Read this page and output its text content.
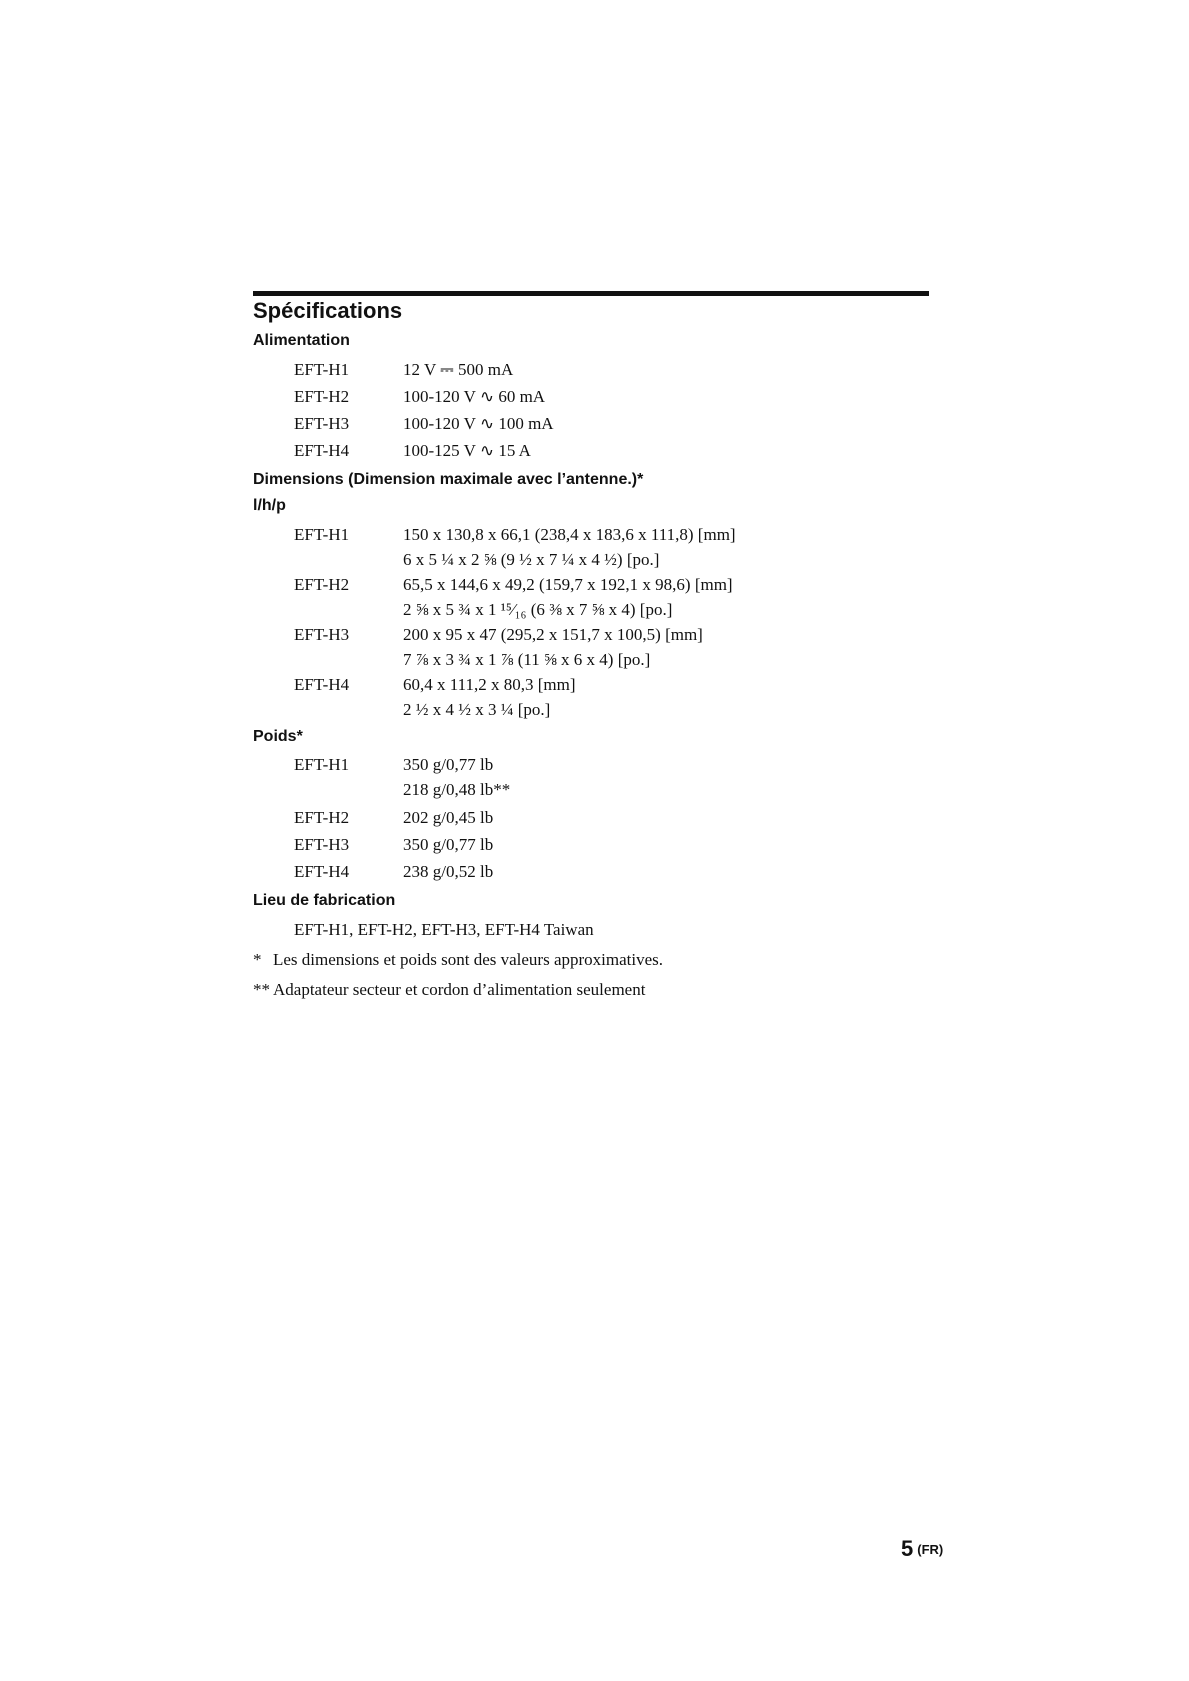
Spécifications
Alimentation
EFT-H1	12 V ⎓ 500 mA
EFT-H2	100-120 V ∿ 60 mA
EFT-H3	100-120 V ∿ 100 mA
EFT-H4	100-125 V ∿ 15 A
Dimensions (Dimension maximale avec l’antenne.)*
l/h/p
EFT-H1	150 x 130,8 x 66,1 (238,4 x 183,6 x 111,8) [mm]
6 x 5 ¼ x 2 ⅝ (9 ½ x 7 ¼ x 4 ½) [po.]
EFT-H2	65,5 x 144,6 x 49,2 (159,7 x 192,1 x 98,6) [mm]
2 ⅝ x 5 ¾ x 1 ¹⁵⁄₁₆ (6 ⅜ x 7 ⅝ x 4) [po.]
EFT-H3	200 x 95 x 47 (295,2 x 151,7 x 100,5) [mm]
7 ⅞ x 3 ¾ x 1 ⅞ (11 ⅝ x 6 x 4) [po.]
EFT-H4	60,4 x 111,2 x 80,3 [mm]
2 ½ x 4 ½ x 3 ¼ [po.]
Poids*
EFT-H1	350 g/0,77 lb
218 g/0,48 lb**
EFT-H2	202 g/0,45 lb
EFT-H3	350 g/0,77 lb
EFT-H4	238 g/0,52 lb
Lieu de fabrication
EFT-H1, EFT-H2, EFT-H3, EFT-H4 Taiwan
* Les dimensions et poids sont des valeurs approximatives.
** Adaptateur secteur et cordon d’alimentation seulement
5 (FR)
